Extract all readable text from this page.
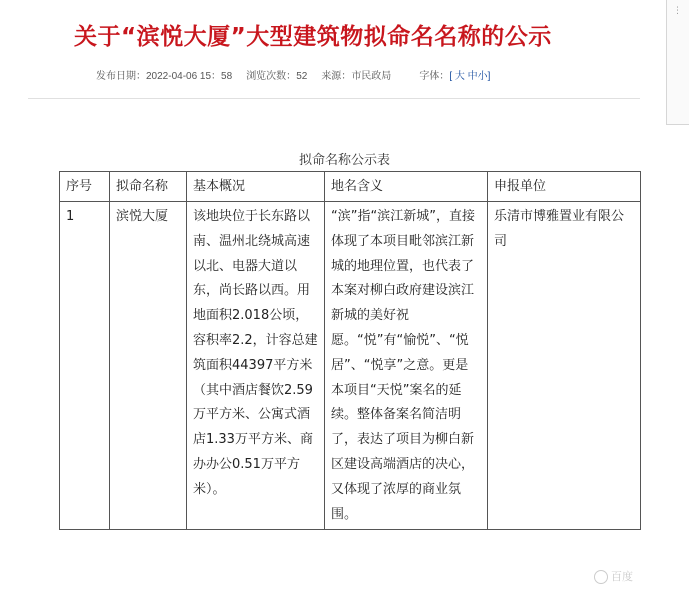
关于“滨悦大厦”大型建筑物拟命名名称的公示
发布日期：2022-04-06 15：58 浏览次数：52 来源：市民政局	字体：[ 大 中小]
⋮
拟命名称公示表
序号	拟命名称	基本概况	地名含义	申报单位
1	滨悦大厦	该地块位于长东路以南、温州北绕城高速以北、电器大道以东，尚长路以西。用地面积2.018公顷，容积率2.2，计容总建筑面积44397平方米（其中酒店餐饮2.59万平方米、公寓式酒店1.33万平方米、商办办公0.51万平方米）。	“滨”指“滨江新城”，直接体现了本项目毗邻滨江新城的地理位置，也代表了本案对柳白政府建设滨江新城的美好祝愿。“悦”有“愉悦”、“悦居”、“悦享”之意。更是本项目“天悦”案名的延续。整体备案名简洁明了，表达了项目为柳白新区建设高端酒店的决心，又体现了浓厚的商业氛围。	乐清市博雅置业有限公司
百度
